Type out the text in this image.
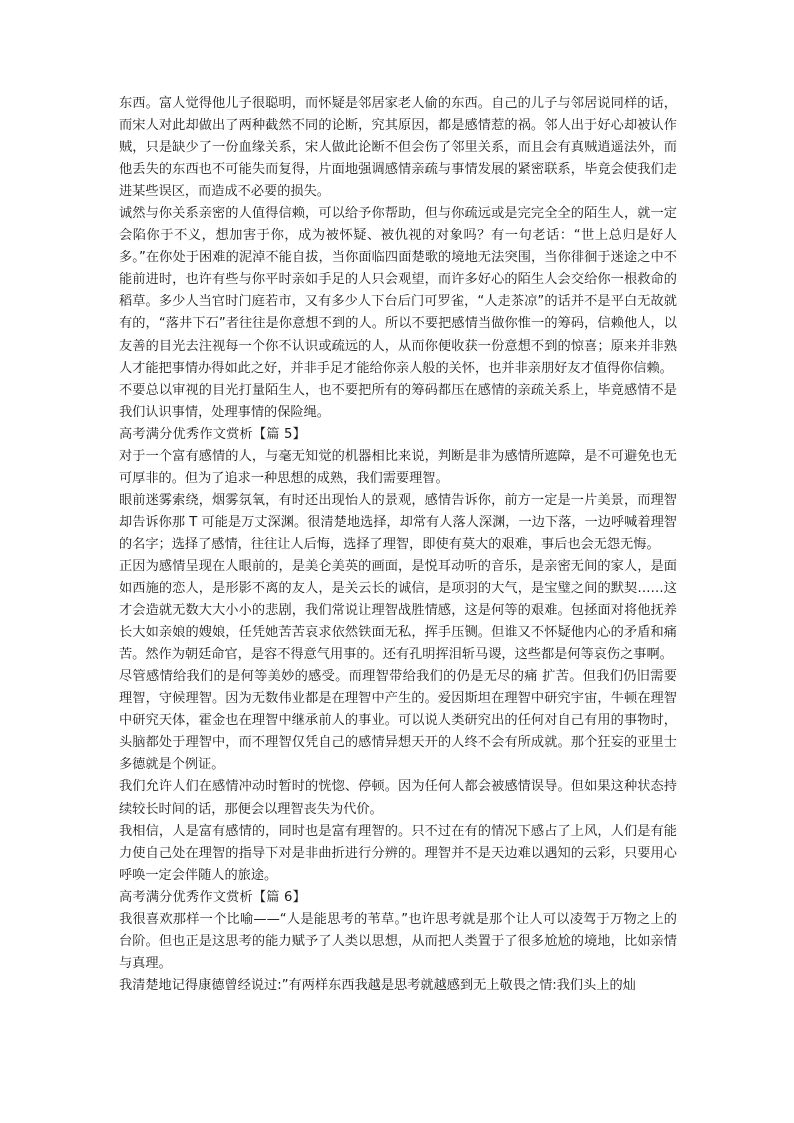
东西。富人觉得他儿子很聪明，而怀疑是邻居家老人偷的东西。自己的儿子与邻居说同样的话，而宋人对此却做出了两种截然不同的论断，究其原因，都是感情惹的祸。邻人出于好心却被认作贼，只是缺少了一份血缘关系，宋人做此论断不但会伤了邻里关系，而且会有真贼逍遥法外，而他丢失的东西也不可能失而复得，片面地强调感情亲疏与事情发展的紧密联系，毕竟会使我们走进某些误区，而造成不必要的损失。

诚然与你关系亲密的人值得信赖，可以给予你帮助，但与你疏远或是完完全全的陌生人，就一定会陷你于不义，想加害于你，成为被怀疑、被仇视的对象吗？有一句老话：“世上总归是好人多。”在你处于困难的泥淖不能自拔，当你面临四面楚歌的境地无法突围，当你徘徊于迷途之中不能前进时，也许有些与你平时亲如手足的人只会观望，而许多好心的陌生人会交给你一根救命的稻草。多少人当官时门庭若市，又有多少人下台后门可罗雀，“人走茶凉”的话并不是平白无故就有的，“落井下石”者往往是你意想不到的人。所以不要把感情当做你惟一的筹码，信赖他人，以友善的目光去注视每一个你不认识或疏远的人，从而你便收获一份意想不到的惊喜；原来并非熟人才能把事情办得如此之好，并非手足才能给你亲人般的关怀，也并非亲朋好友才值得你信赖。

不要总以审视的目光打量陌生人，也不要把所有的筹码都压在感情的亲疏关系上，毕竟感情不是我们认识事情，处理事情的保险绳。

高考满分优秀作文赏析【篇 5】

对于一个富有感情的人，与毫无知觉的机器相比来说，判断是非为感情所遮障，是不可避免也无可厚非的。但为了追求一种思想的成熟，我们需要理智。

眼前迷雾索绕，烟雾氛氧，有时还出现怡人的景观，感情告诉你，前方一定是一片美景，而理智却告诉你那 T 可能是万丈深渊。很清楚地选择，却常有人落人深渊，一边下落，一边呼喊着理智的名字；选择了感情，往往让人后悔，选择了理智，即使有莫大的艰难，事后也会无怨无悔。

正因为感情呈现在人眼前的，是美仑美英的画面，是悦耳动听的音乐，是亲密无间的家人，是面如西施的恋人，是形影不离的友人，是关云长的诚信，是项羽的大气，是宝璧之间的默契……这才会造就无数大大小小的悲剧，我们常说让理智战胜情感，这是何等的艰难。包拯面对将他抚养长大如亲娘的嫂娘，任凭她苦苦哀求依然铁面无私，挥手压铡。但谁又不怀疑他内心的矛盾和痛苦。然作为朝廷命官，是容不得意气用事的。还有孔明挥泪斩马谡，这些都是何等哀伤之事啊。

尽管感情给我们的是何等美妙的感受。而理智带给我们的仍是无尽的痛 扩苦。但我们仍旧需要理智，守候理智。因为无数伟业都是在理智中产生的。爱因斯坦在理智中研究宇宙，牛顿在理智中研究天体，霍金也在理智中继承前人的事业。可以说人类研究出的任何对自己有用的事物时，头脑都处于理智中，而不理智仅凭自己的感情异想天开的人终不会有所成就。那个狂妄的亚里士多德就是个例证。

我们允许人们在感情冲动时暂时的恍惚、停顿。因为任何人都会被感情误导。但如果这种状态持续较长时间的话，那便会以理智丧失为代价。

我相信，人是富有感情的，同时也是富有理智的。只不过在有的情况下感占了上风，人们是有能力使自己处在理智的指导下对是非曲折进行分辨的。理智并不是天边难以遇知的云彩，只要用心呼唤一定会伴随人的旅途。

高考满分优秀作文赏析【篇 6】

我很喜欢那样一个比喻——“人是能思考的苇草。”也许思考就是那个让人可以凌驾于万物之上的台阶。但也正是这思考的能力赋予了人类以思想，从而把人类置于了很多尬尬的境地，比如亲情与真理。

我清楚地记得康德曾经说过:”有两样东西我越是思考就越感到无上敬畏之情:我们头上的灿
